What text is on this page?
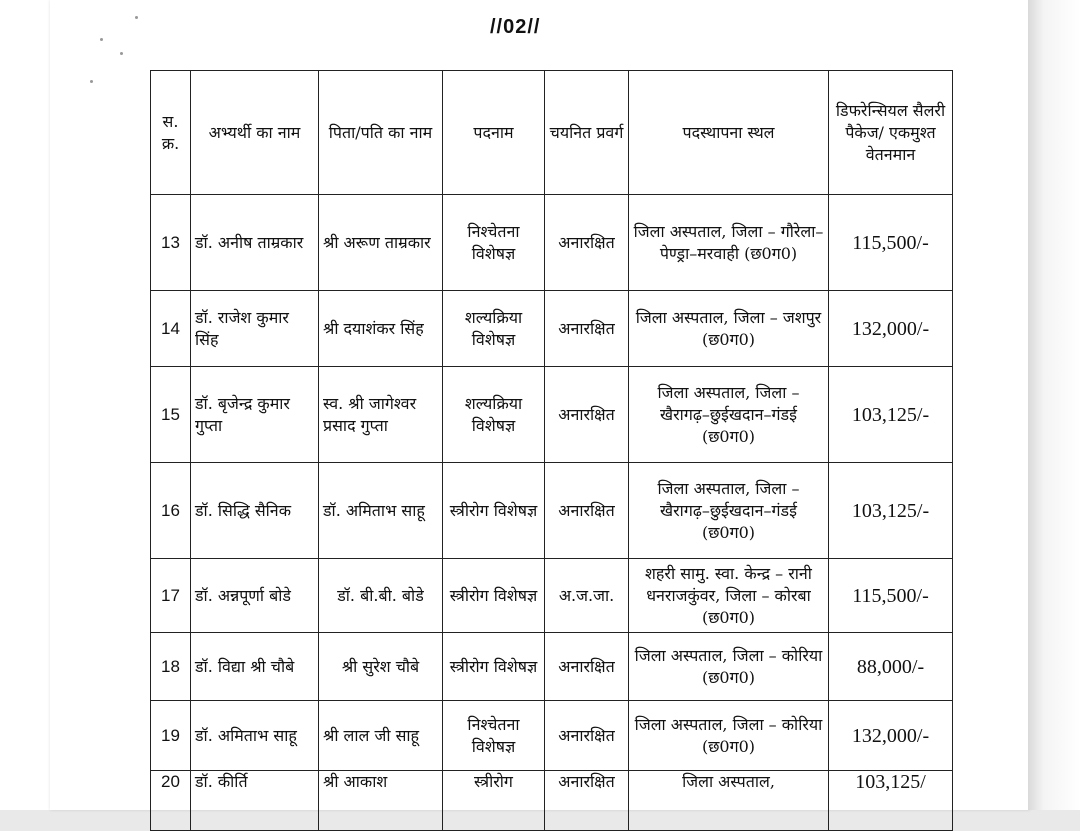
//02//
स. क्र.	अभ्यर्थी का नाम	पिता/पति का नाम	पदनाम	चयनित प्रवर्ग	पदस्थापना स्थल	डिफरेन्सियल सैलरी पैकेज/ एकमुश्त वेतनमान
13	डॉ. अनीष ताम्रकार	श्री अरूण ताम्रकार	निश्चेतना विशेषज्ञ	अनारक्षित	जिला अस्पताल, जिला – गौरेला–पेण्ड्रा–मरवाही (छ0ग0)	115,500/-
14	डॉ. राजेश कुमार सिंह	श्री दयाशंकर सिंह	शल्यक्रिया विशेषज्ञ	अनारक्षित	जिला अस्पताल, जिला – जशपुर (छ0ग0)	132,000/-
15	डॉ. बृजेन्द्र कुमार गुप्ता	स्व. श्री जागेश्वर प्रसाद गुप्ता	शल्यक्रिया विशेषज्ञ	अनारक्षित	जिला अस्पताल, जिला – खैरागढ़–छुईखदान–गंडई (छ0ग0)	103,125/-
16	डॉ. सिद्धि सैनिक	डॉ. अमिताभ साहू	स्त्रीरोग विशेषज्ञ	अनारक्षित	जिला अस्पताल, जिला – खैरागढ़–छुईखदान–गंडई (छ0ग0)	103,125/-
17	डॉ. अन्नपूर्णा बोडे	डॉ. बी.बी. बोडे	स्त्रीरोग विशेषज्ञ	अ.ज.जा.	शहरी सामु. स्वा. केन्द्र – रानी धनराजकुंवर, जिला – कोरबा (छ0ग0)	115,500/-
18	डॉ. विद्या श्री चौबे	श्री सुरेश चौबे	स्त्रीरोग विशेषज्ञ	अनारक्षित	जिला अस्पताल, जिला – कोरिया (छ0ग0)	88,000/-
19	डॉ. अमिताभ साहू	श्री लाल जी साहू	निश्चेतना विशेषज्ञ	अनारक्षित	जिला अस्पताल, जिला – कोरिया (छ0ग0)	132,000/-
20	डॉ. कीर्ति	श्री आकाश	स्त्रीरोग	अनारक्षित	जिला अस्पताल,	103,125/
